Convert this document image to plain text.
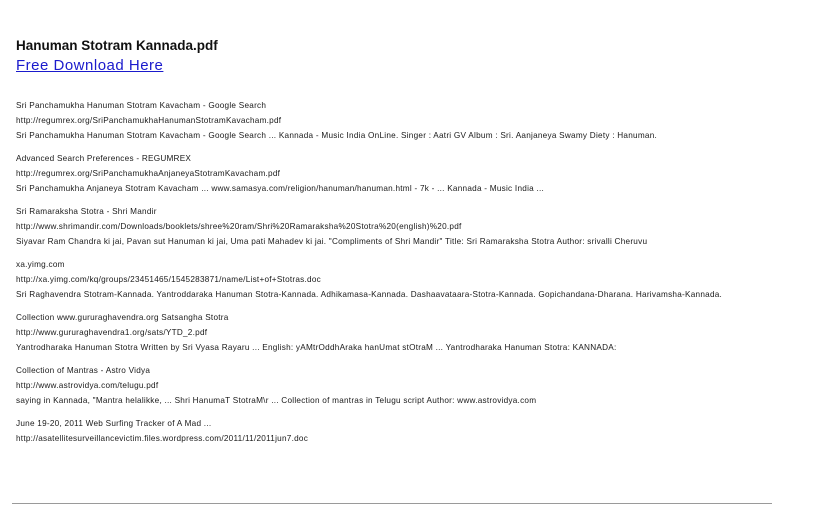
Hanuman Stotram Kannada.pdf
Free Download Here

Sri Panchamukha Hanuman Stotram Kavacham - Google Search

http://regumrex.org/SriPanchamukhaHanumanStotramKavacham.pdf

Sri Panchamukha Hanuman Stotram Kavacham - Google Search ... Kannada - Music India OnLine. Singer : Aatri GV Album : Sri. Aanjaneya Swamy Diety : Hanuman.

Advanced Search Preferences - REGUMREX

http://regumrex.org/SriPanchamukhaAnjaneyaStotramKavacham.pdf

Sri Panchamukha Anjaneya Stotram Kavacham ... www.samasya.com/religion/hanuman/hanuman.html - 7k - ... Kannada - Music India ...

Sri Ramaraksha Stotra - Shri Mandir

http://www.shrimandir.com/Downloads/booklets/shree%20ram/Shri%20Ramaraksha%20Stotra%20(english)%20.pdf

Siyavar Ram Chandra ki jai, Pavan sut Hanuman ki jai, Uma pati Mahadev ki jai. "Compliments of Shri Mandir" Title: Sri Ramaraksha Stotra Author: srivalli Cheruvu

xa.yimg.com

http://xa.yimg.com/kq/groups/23451465/1545283871/name/List+of+Stotras.doc

Sri Raghavendra Stotram-Kannada. Yantroddaraka Hanuman Stotra-Kannada. Adhikamasa-Kannada. Dashaavataara-Stotra-Kannada. Gopichandana-Dharana. Harivamsha-Kannada.

Collection www.gururaghavendra.org Satsangha Stotra

http://www.gururaghavendra1.org/sats/YTD_2.pdf

Yantrodharaka Hanuman Stotra Written by Sri Vyasa Rayaru ... English: yAMtrOddhAraka hanUmat stOtraM ... Yantrodharaka Hanuman Stotra: KANNADA:

Collection of Mantras - Astro Vidya

http://www.astrovidya.com/telugu.pdf

saying in Kannada, "Mantra helalikke, ... Shri HanumaT StotraM\r ... Collection of mantras in Telugu script Author: www.astrovidya.com

June 19-20, 2011 Web Surfing Tracker of A Mad ...

http://asatellitesurveillancevictim.files.wordpress.com/2011/11/2011jun7.doc
